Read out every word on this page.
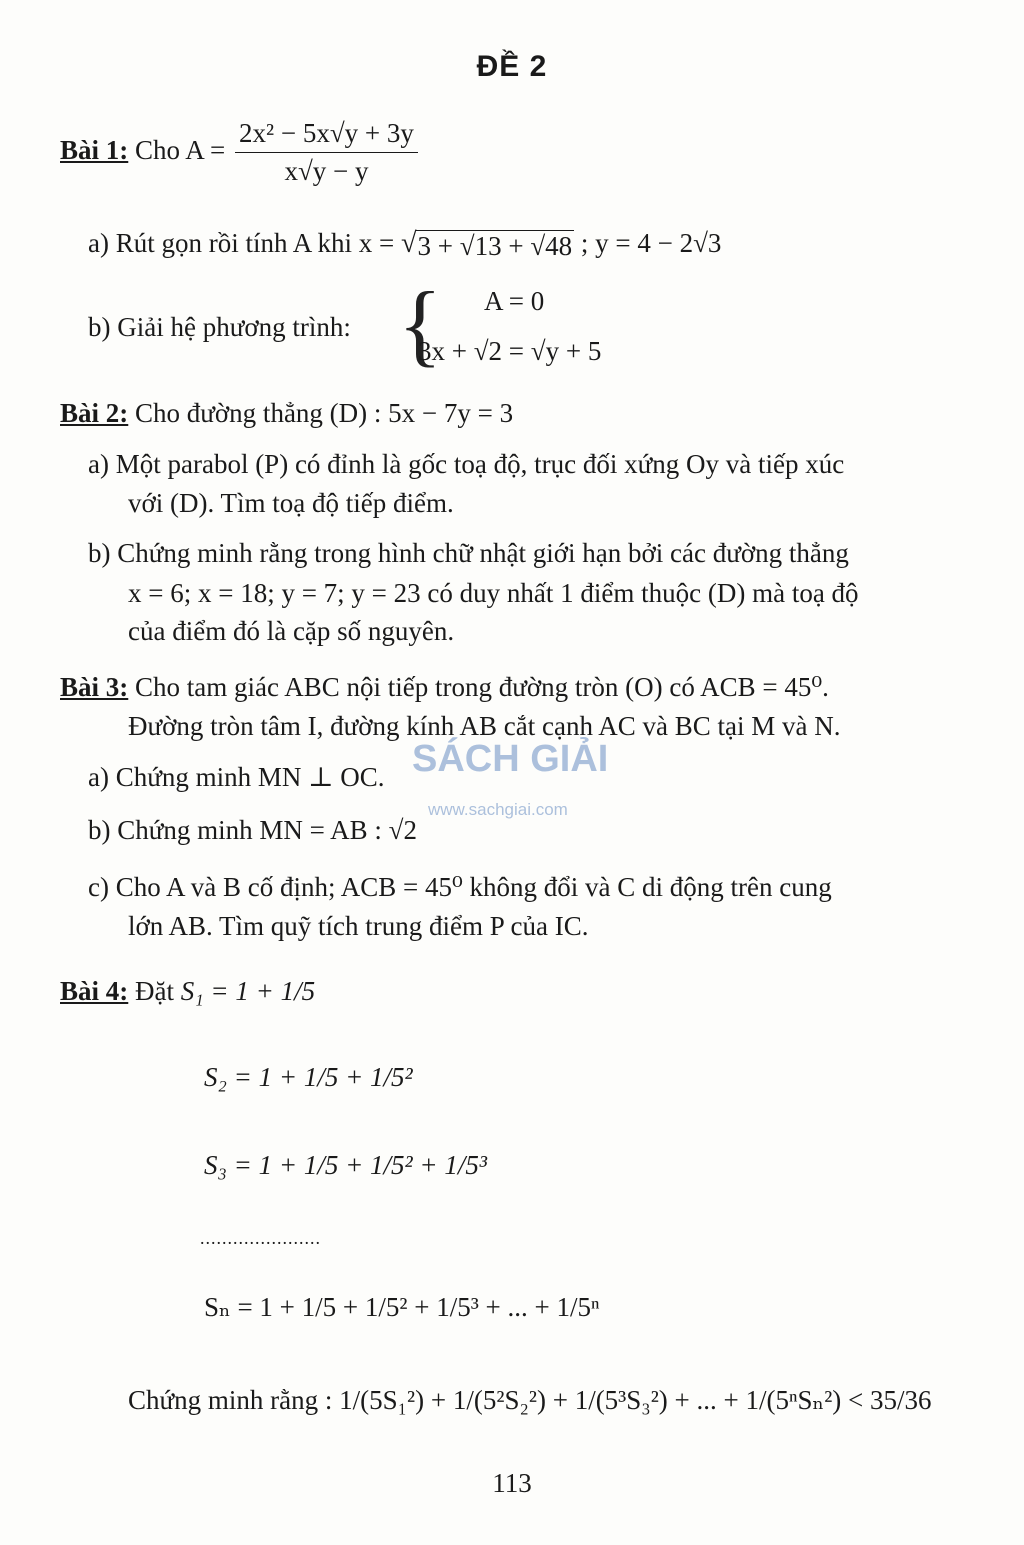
ĐỀ 2
Bài 1: Cho $A = \frac{\text{2x² − 5x√y + 3y}}{x√y - y}$
a) Rút gọn rồi tính A khi x = √ 3 + √13 + √48 ; y = 4 − 2√3
b) Giải hệ phương trình: { A = 0
3x + √2 = √y + 5
Bài 2: Cho đường thẳng (D) : 5x − 7y = 3
a) Một parabol (P) có đỉnh là gốc toạ độ, trục đối xứng Oy và tiếp xúc
với (D). Tìm toạ độ tiếp điểm.
b) Chứng minh rằng trong hình chữ nhật giới hạn bởi các đường thẳng
x = 6; x = 18; y = 7; y = 23 có duy nhất 1 điểm thuộc (D) mà toạ độ
của điểm đó là cặp số nguyên.
Bài 3: Cho tam giác ABC nội tiếp trong đường tròn (O) có ACB = 45⁰.
Đường tròn tâm I, đường kính AB cắt cạnh AC và BC tại M và N.
SÁCH GIẢI
www.sachgiai.com
a) Chứng minh MN ⊥ OC.
b) Chứng minh MN = AB : √2
c) Cho A và B cố định; ACB = 45⁰ không đổi và C di động trên cung
lớn AB. Tìm quỹ tích trung điểm P của IC.
Bài 4: Đặt S₁ = 1 + 1/5
S₂ = 1 + 1/5 + 1/5²
S₃ = 1 + 1/5 + 1/5² + 1/5³
......................
Sₙ = 1 + 1/5 + 1/5² + 1/5³ + ... + 1/5ⁿ
Chứng minh rằng : 1/(5S₁²) + 1/(5²S₂²) + 1/(5³S₃²) + ... + 1/(5ⁿSₙ²) < 35/36
113
